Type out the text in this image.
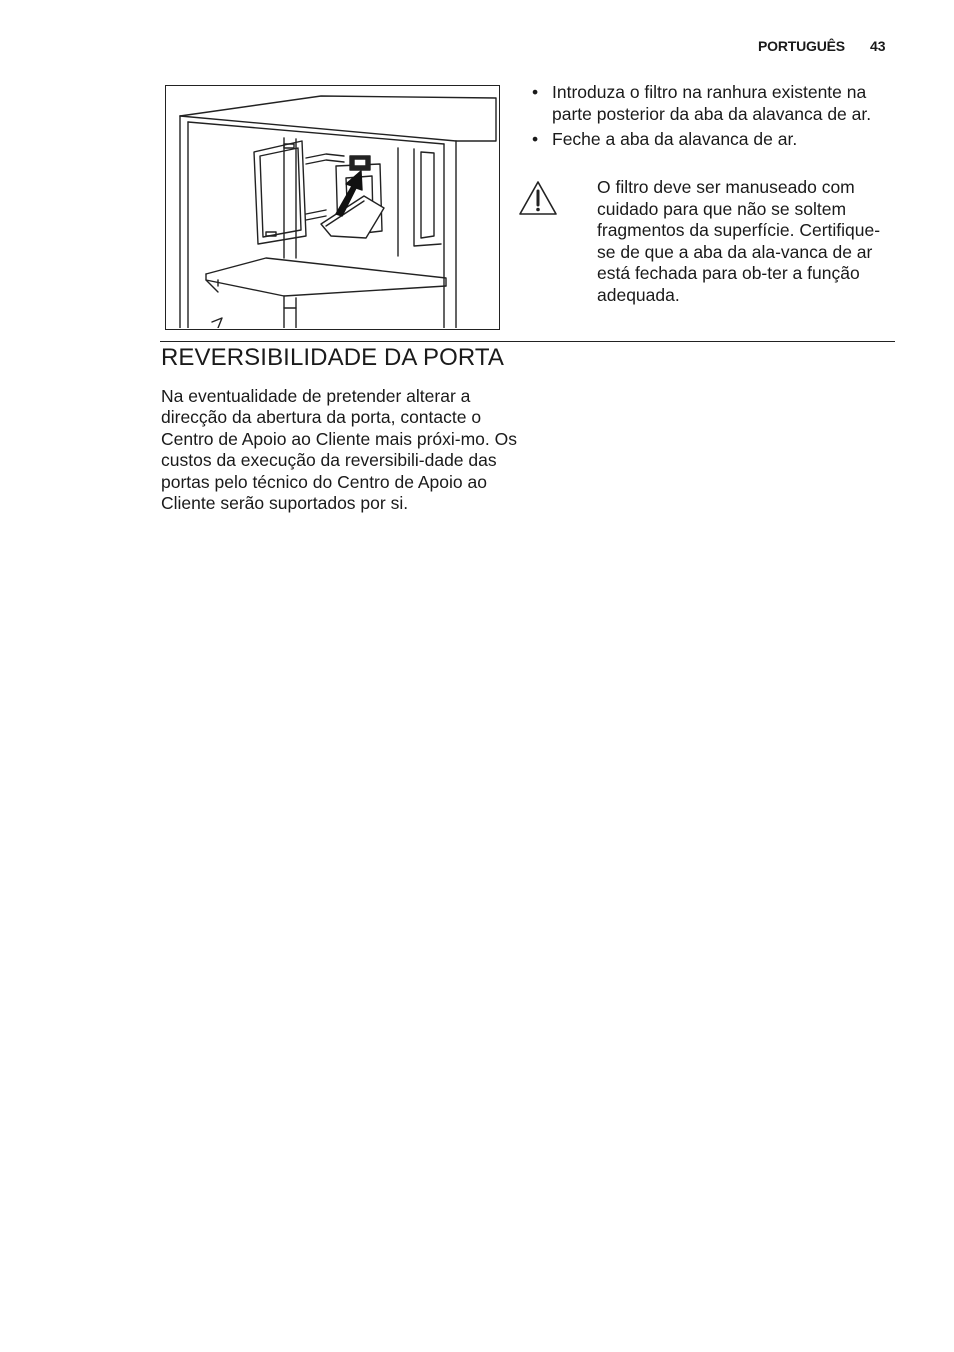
PORTUGUÊS 43
• Introduza o filtro na ranhura existente na parte posterior da aba da alavanca de ar.
• Feche a aba da alavanca de ar.
O filtro deve ser manuseado com cuidado para que não se soltem fragmentos da superfície. Certifique-se de que a aba da ala-vanca de ar está fechada para ob-ter a função adequada.
REVERSIBILIDADE DA PORTA

Na eventualidade de pretender alterar a direcção da abertura da porta, contacte o Centro de Apoio ao Cliente mais próxi-mo. Os custos da execução da reversibili-dade das portas pelo técnico do Centro de Apoio ao Cliente serão suportados por si.
